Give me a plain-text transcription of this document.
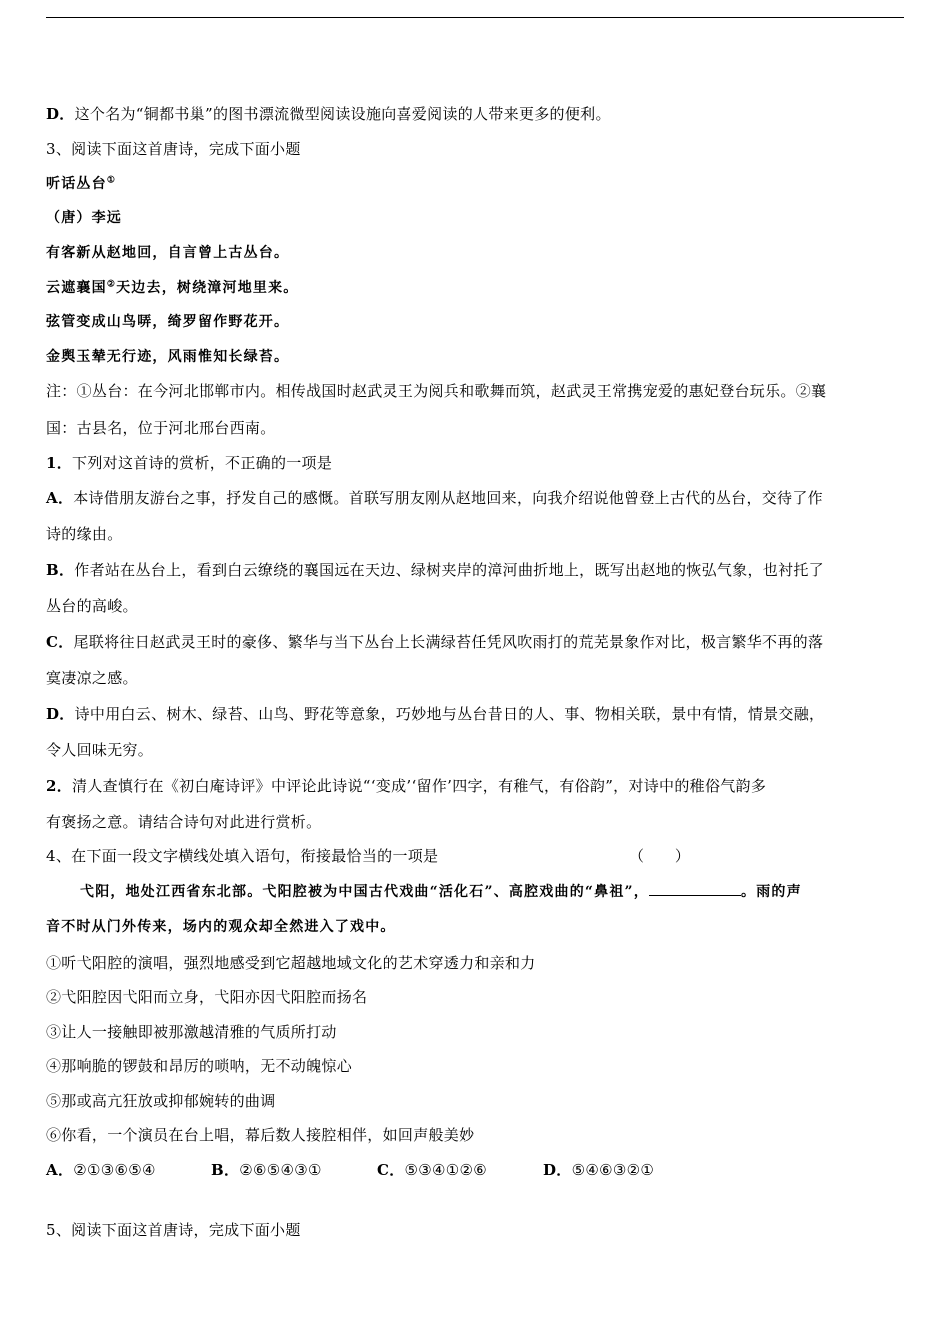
D．这个名为“铜都书巢”的图书漂流微型阅读设施向喜爱阅读的人带来更多的便利。
3、阅读下面这首唐诗，完成下面小题
听话丛台①
（唐）李远
有客新从赵地回，自言曾上古丛台。
云遮襄国②天边去，树绕漳河地里来。
弦管变成山鸟哢，绮罗留作野花开。
金舆玉辇无行迹，风雨惟知长绿苔。
注：①丛台：在今河北邯郸市内。相传战国时赵武灵王为阅兵和歌舞而筑，赵武灵王常携宠爱的惠妃登台玩乐。②襄
国：古县名，位于河北邢台西南。
1．下列对这首诗的赏析，不正确的一项是
A．本诗借朋友游台之事，抒发自己的感慨。首联写朋友刚从赵地回来，向我介绍说他曾登上古代的丛台，交待了作
诗的缘由。
B．作者站在丛台上，看到白云缭绕的襄国远在天边、绿树夹岸的漳河曲折地上，既写出赵地的恢弘气象，也衬托了
丛台的高峻。
C．尾联将往日赵武灵王时的豪侈、繁华与当下丛台上长满绿苔任凭风吹雨打的荒芜景象作对比，极言繁华不再的落
寞凄凉之感。
D．诗中用白云、树木、绿苔、山鸟、野花等意象，巧妙地与丛台昔日的人、事、物相关联，景中有情，情景交融，
令人回味无穷。
2．清人查慎行在《初白庵诗评》中评论此诗说“‘变成’‘留作’四字，有稚气，有俗韵”，对诗中的稚俗气韵多
有褒扬之意。请结合诗句对此进行赏析。
4、在下面一段文字横线处填入语句，衔接最恰当的一项是	（　　）
弋阳，地处江西省东北部。弋阳腔被为中国古代戏曲“活化石”、高腔戏曲的“鼻祖”，	。雨的声
音不时从门外传来，场内的观众却全然进入了戏中。
①听弋阳腔的演唱，强烈地感受到它超越地域文化的艺术穿透力和亲和力
②弋阳腔因弋阳而立身，弋阳亦因弋阳腔而扬名
③让人一接触即被那激越清雅的气质所打动
④那响脆的锣鼓和昂厉的唢呐，无不动魄惊心
⑤那或高亢狂放或抑郁婉转的曲调
⑥你看，一个演员在台上唱，幕后数人接腔相伴，如回声般美妙
A．②①③⑥⑤④	B．②⑥⑤④③①	C．⑤③④①②⑥	D．⑤④⑥③②①
5、阅读下面这首唐诗，完成下面小题
